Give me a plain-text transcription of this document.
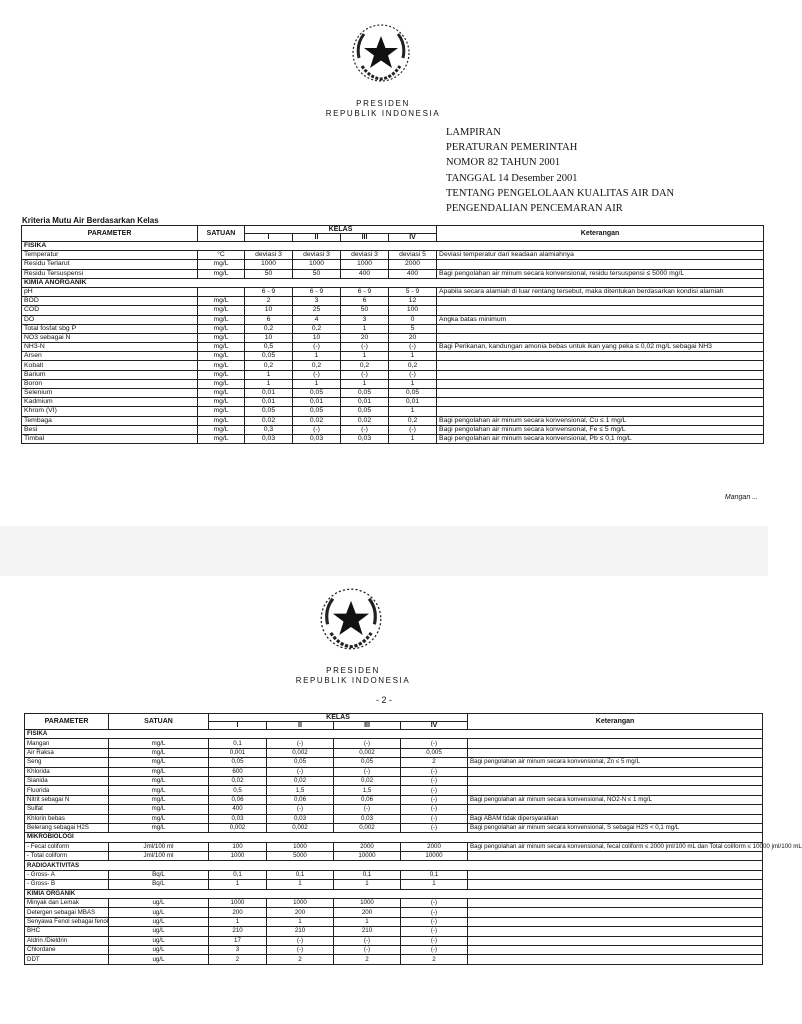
PRESIDEN
REPUBLIK INDONESIA
LAMPIRAN
PERATURAN PEMERINTAH
NOMOR 82 TAHUN 2001
TANGGAL 14 Desember 2001
TENTANG PENGELOLAAN KUALITAS AIR DAN
PENGENDALIAN PENCEMARAN AIR
Kriteria Mutu Air Berdasarkan Kelas
PARAMETER	SATUAN	KELAS				Keterangan
		I	II	III	IV	
FISIKA						
Temperatur	°C	deviasi 3	deviasi 3	deviasi 3	deviasi 5	Deviasi temperatur dari keadaan alamiahnya
Residu Terlarut	mg/L	1000	1000	1000	2000	
Residu Tersuspensi	mg/L	50	50	400	400	Bagi pengolahan air minum secara konvensional, residu tersuspensi ≤ 5000 mg/L
KIMIA ANORGANIK						
pH		6 - 9	6 - 9	6 - 9	5 - 9	Apabila secara alamiah di luar rentang tersebut, maka ditentukan berdasarkan kondisi alamiah
BOD	mg/L	2	3	6	12	
COD	mg/L	10	25	50	100	
DO	mg/L	6	4	3	0	Angka batas minimum
Total fosfat sbg P	mg/L	0,2	0,2	1	5	
NO3 sebagai N	mg/L	10	10	20	20	
NH3-N	mg/L	0,5	(-)	(-)	(-)	Bagi Perikanan, kandungan amonia bebas untuk ikan yang peka ≤ 0,02 mg/L sebagai NH3
Arsen	mg/L	0,05	1	1	1	
Kobalt	mg/L	0,2	0,2	0,2	0,2	
Barium	mg/L	1	(-)	(-)	(-)	
Boron	mg/L	1	1	1	1	
Selenium	mg/L	0,01	0,05	0,05	0,05	
Kadmium	mg/L	0,01	0,01	0,01	0,01	
Khrom (VI)	mg/L	0,05	0,05	0,05	1	
Tembaga	mg/L	0,02	0,02	0,02	0,2	Bagi pengolahan air minum secara konvensional, Cu ≤ 1 mg/L
Besi	mg/L	0,3	(-)	(-)	(-)	Bagi pengolahan air minum secara konvensional, Fe ≤ 5 mg/L
Timbal	mg/L	0,03	0,03	0,03	1	Bagi pengolahan air minum secara konvensional, Pb ≤ 0,1 mg/L
Mangan ...
PRESIDEN
REPUBLIK INDONESIA
- 2 -
PARAMETER	SATUAN	KELAS				Keterangan
		I	II	III	IV	
FISIKA						
Mangan	mg/L	0,1	(-)	(-)	(-)	
Air Raksa	mg/L	0,001	0,002	0,002	0,005	
Seng	mg/L	0,05	0,05	0,05	2	Bagi pengolahan air minum secara konvensional, Zn ≤ 5 mg/L
Khlorida	mg/L	600	(-)	(-)	(-)	
Sianida	mg/L	0,02	0,02	0,02	(-)	
Fluorida	mg/L	0,5	1,5	1,5	(-)	
Nitrit sebagai N	mg/L	0,06	0,06	0,06	(-)	Bagi pengolahan air minum secara konvensional, NO2-N ≤ 1 mg/L
Sulfat	mg/L	400	(-)	(-)	(-)	
Khlorin bebas	mg/L	0,03	0,03	0,03	(-)	Bagi ABAM tidak dipersyaratkan
Belerang sebagai H2S	mg/L	0,002	0,002	0,002	(-)	Bagi pengolahan air minum secara konvensional, S sebagai H2S < 0,1 mg/L
MIKROBIOLOGI						
- Fecal coliform	Jml/100 ml	100	1000	2000	2000	Bagi pengolahan air minum secara konvensional, fecal coliform ≤ 2000 jml/100 mL dan Total coliform ≤ 10000 jml/100 mL
- Total coliform	Jml/100 ml	1000	5000	10000	10000	
RADIOAKTIVITAS						
- Gross- A	Bq/L	0,1	0,1	0,1	0,1	
- Gross- B	Bq/L	1	1	1	1	
KIMIA ORGANIK						
Minyak dan Lemak	ug/L	1000	1000	1000	(-)	
Detergen sebagai MBAS	ug/L	200	200	200	(-)	
Senyawa Fenol sebagai fenol	ug/L	1	1	1	(-)	
BHC	ug/L	210	210	210	(-)	
Aldrin /Dieldrin	ug/L	17	(-)	(-)	(-)	
Chlordane	ug/L	3	(-)	(-)	(-)	
DDT	ug/L	2	2	2	2	
